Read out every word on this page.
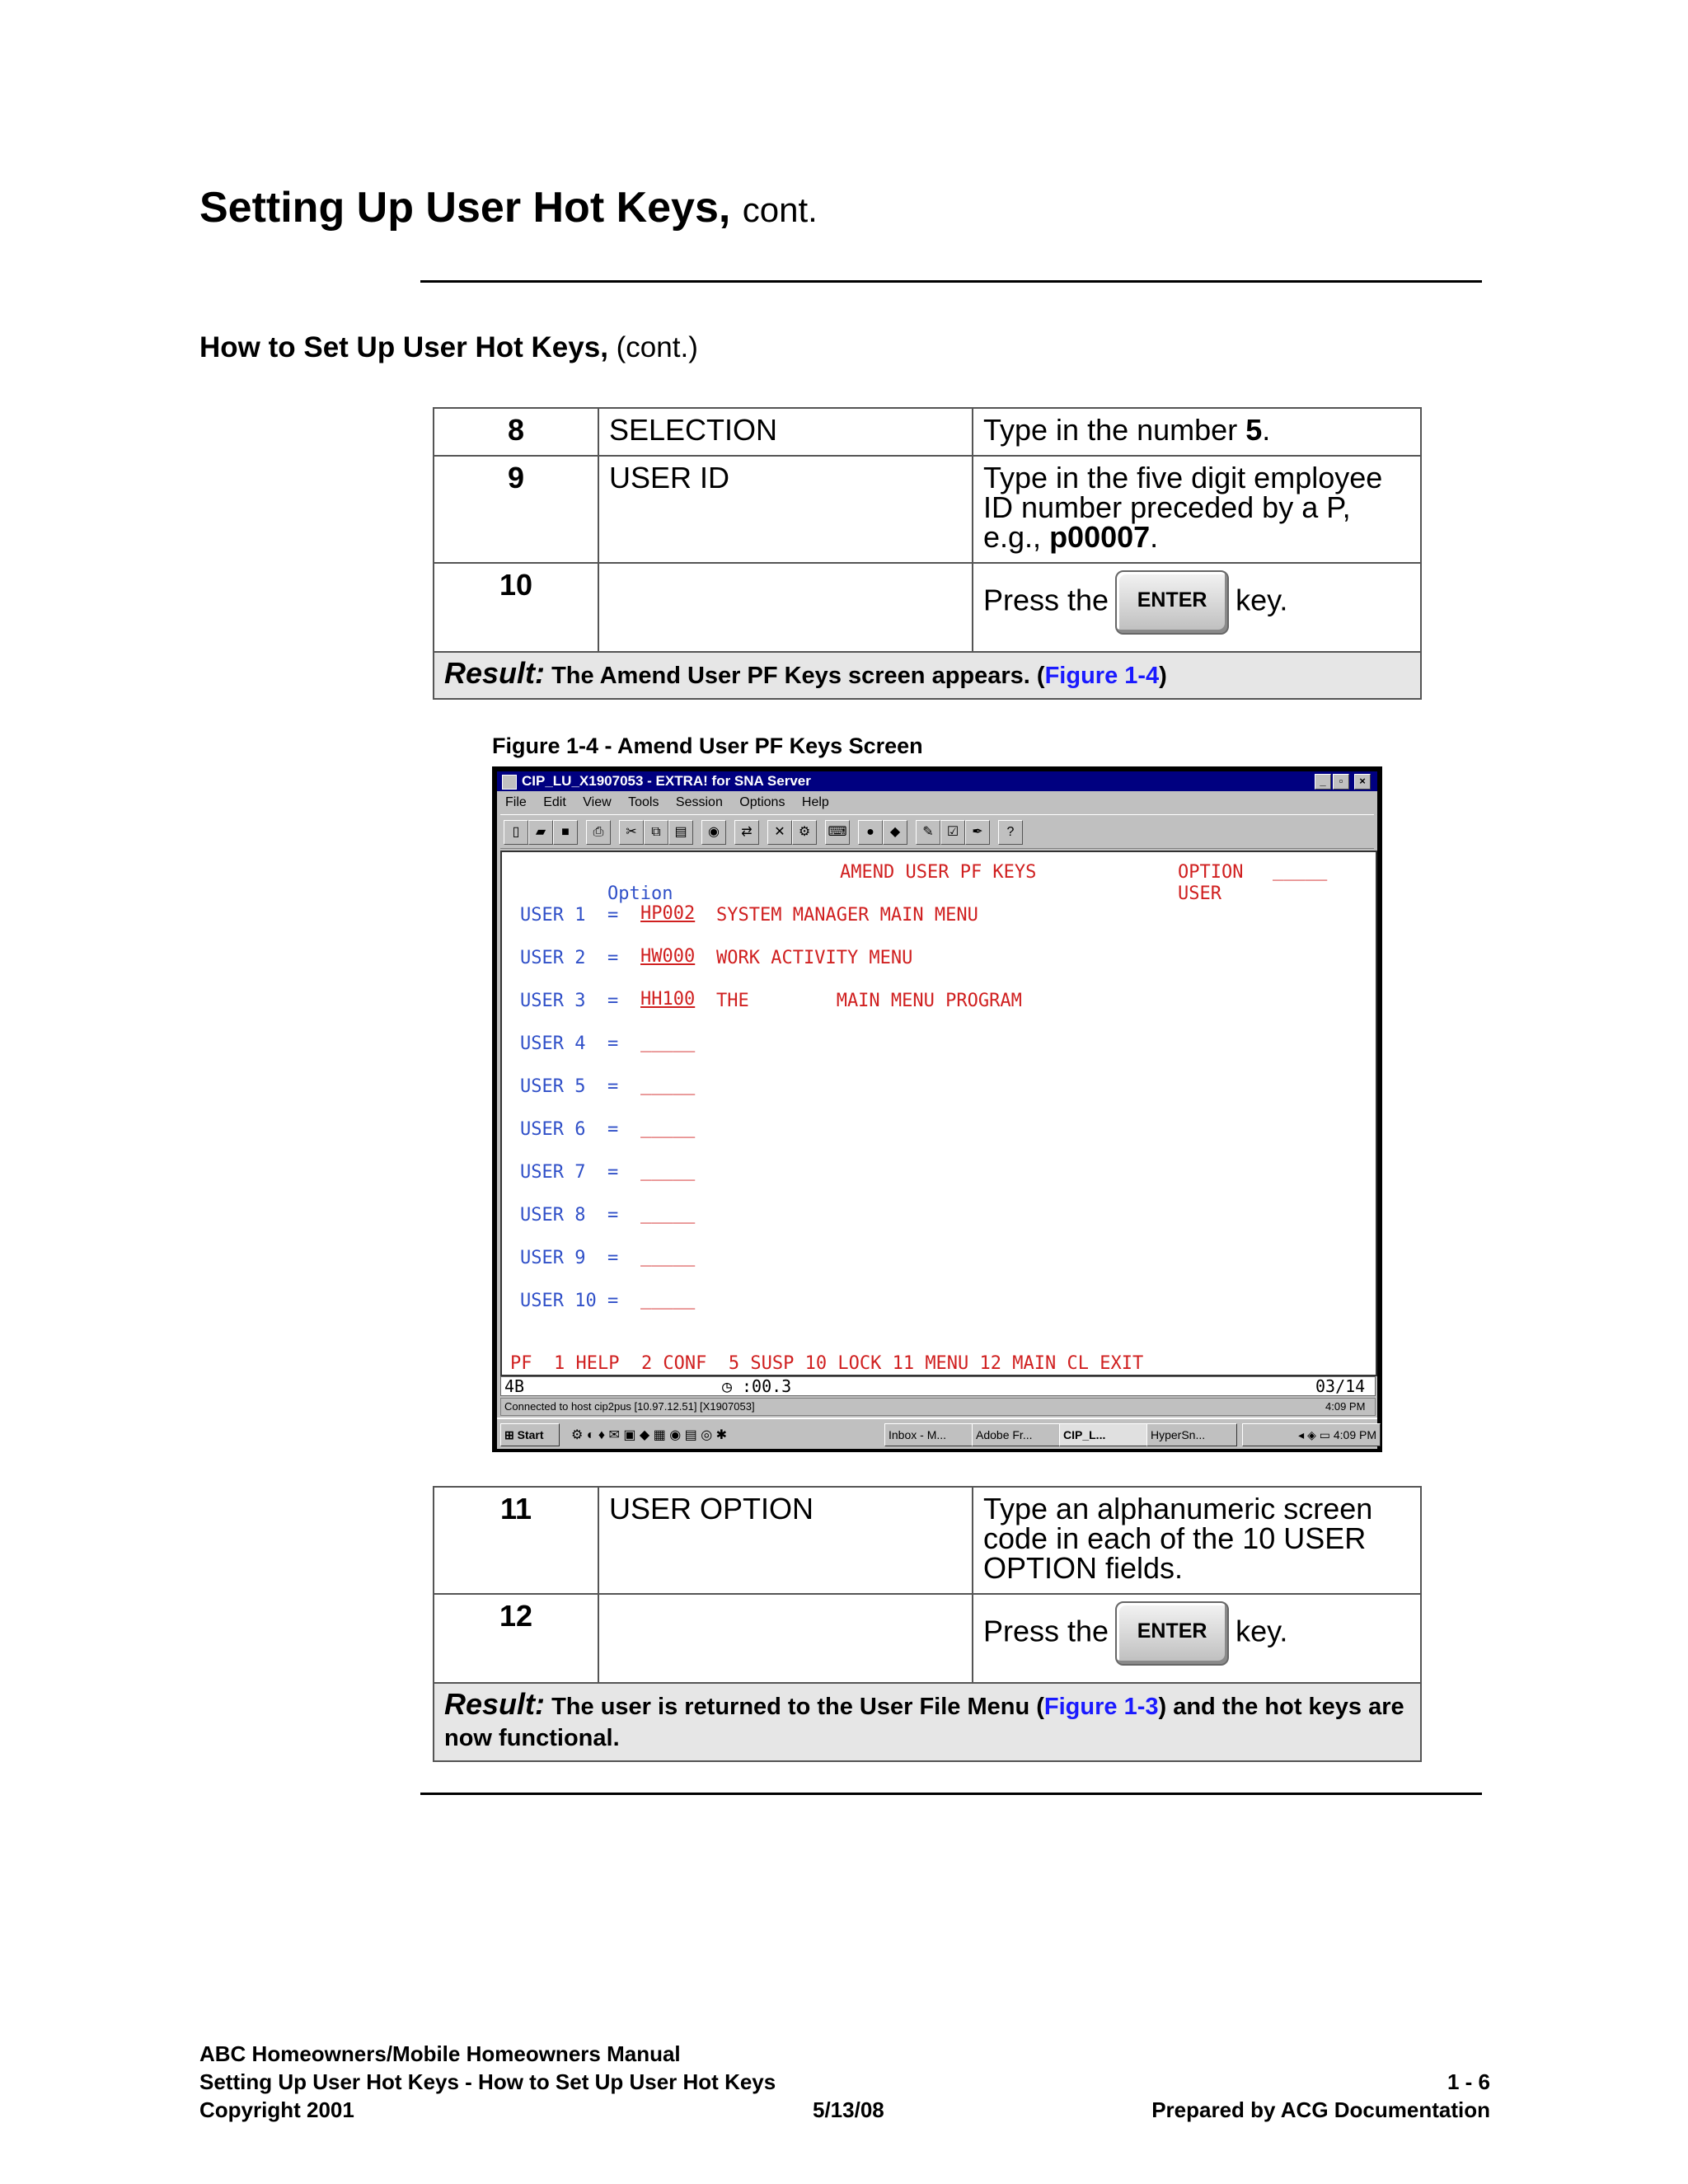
Setting Up User Hot Keys, cont.
How to Set Up User Hot Keys, (cont.)
8	SELECTION	Type in the number 5.
9	USER ID	Type in the five digit employee ID number preceded by a P, e.g., p00007.
10		Press the ENTER key.
Result: The Amend User PF Keys screen appears. (Figure 1-4)		
Figure 1-4 - Amend User PF Keys Screen
CIP_LU_X1907053 - EXTRA! for SNA Server	_	▫	×
File Edit View Tools Session Options Help
▯	▰	■	⎙	✂	⧉	▤	◉	⇄	✕	⚙	⌨	●	◆	✎	☑	✒	?
AMEND USER PF KEYS	OPTION _____
USER
Option
USER 1  = HP002 SYSTEM MANAGER MAIN MENU
USER 2  = HW000 WORK ACTIVITY MENU
USER 3  = HH100 THE        MAIN MENU PROGRAM
USER 4  = _____
USER 5  = _____
USER 6  = _____
USER 7  = _____
USER 8  = _____
USER 9  = _____
USER 10 = _____
PF  1 HELP  2 CONF  5 SUSP 10 LOCK 11 MENU 12 MAIN CL EXIT
4B	◷ :00.3	03/14
Connected to host cip2pus [10.97.12.51] [X1907053]	4:09 PM
⊞ Start	⚙ ◐ ♦ ✉ ▣ ◆ ▦ ◉ ▤ ◎ ✱	Inbox - M...	Adobe Fr...	CIP_L...	HyperSn...	◂ ◈ ▭ 4:09 PM
11	USER OPTION	Type an alphanumeric screen code in each of the 10 USER OPTION fields.
12		Press the ENTER key.
Result: The user is returned to the User File Menu (Figure 1-3) and the hot keys are now functional.		
ABC Homeowners/Mobile Homeowners Manual
Setting Up User Hot Keys - How to Set Up User Hot Keys	1 - 6
Copyright 2001	5/13/08	Prepared by ACG Documentation
